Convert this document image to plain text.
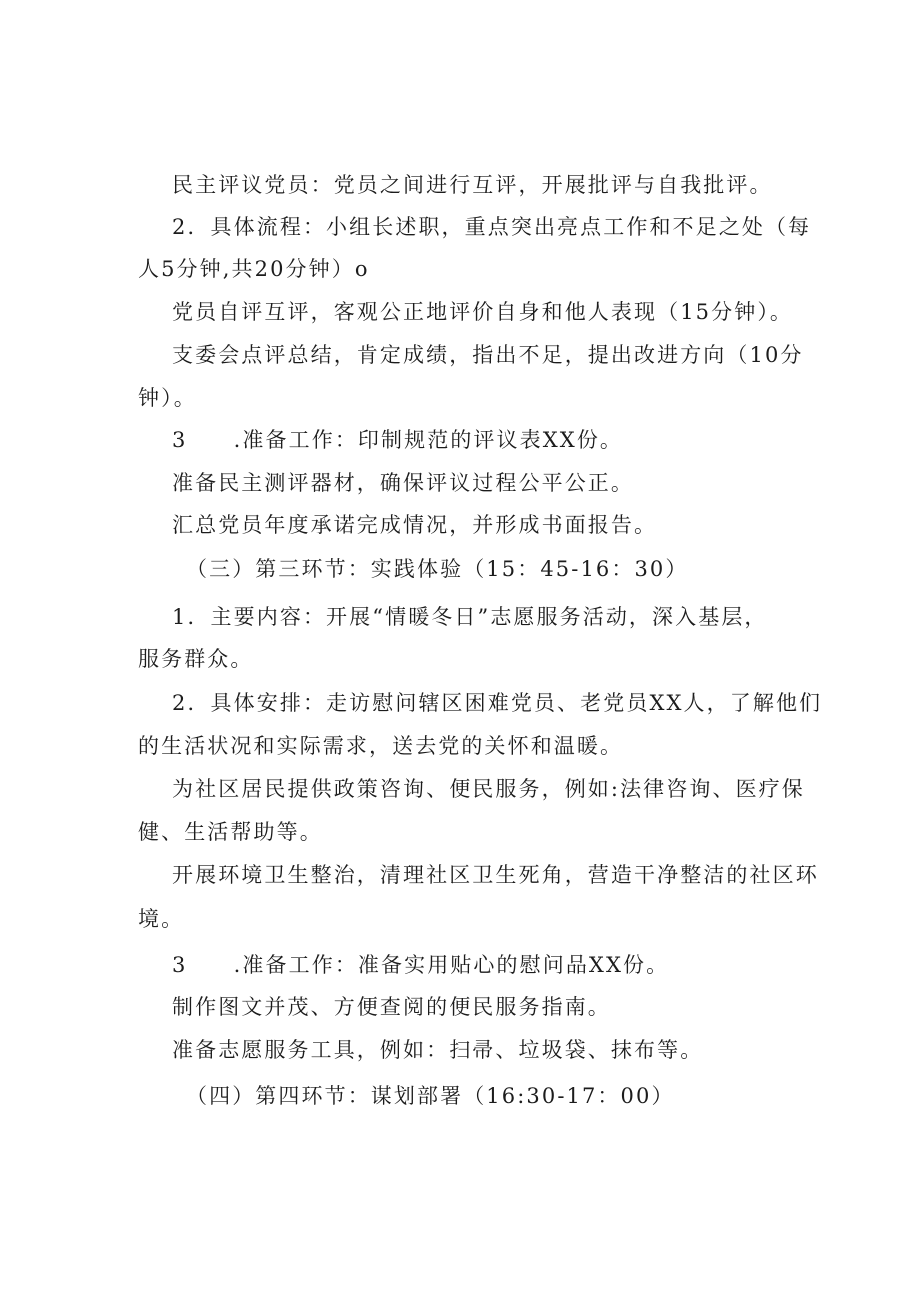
民主评议党员：党员之间进行互评，开展批评与自我批评。

2．具体流程：小组长述职，重点突出亮点工作和不足之处（每

人5分钟,共20分钟）o

党员自评互评，客观公正地评价自身和他人表现（15分钟）。

支委会点评总结，肯定成绩，指出不足，提出改进方向（10分

钟）。

3　　.准备工作：印制规范的评议表XX份。

准备民主测评器材，确保评议过程公平公正。

汇总党员年度承诺完成情况，并形成书面报告。

（三）第三环节：实践体验（15：45-16：30）

1．主要内容：开展“情暖冬日”志愿服务活动，深入基层，

服务群众。

2．具体安排：走访慰问辖区困难党员、老党员XX人，了解他们

的生活状况和实际需求，送去党的关怀和温暖。

为社区居民提供政策咨询、便民服务，例如:法律咨询、医疗保

健、生活帮助等。

开展环境卫生整治，清理社区卫生死角，营造干净整洁的社区环

境。

3　　.准备工作：准备实用贴心的慰问品XX份。

制作图文并茂、方便查阅的便民服务指南。

准备志愿服务工具，例如：扫帚、垃圾袋、抹布等。

（四）第四环节：谋划部署（16:30-17：00）
